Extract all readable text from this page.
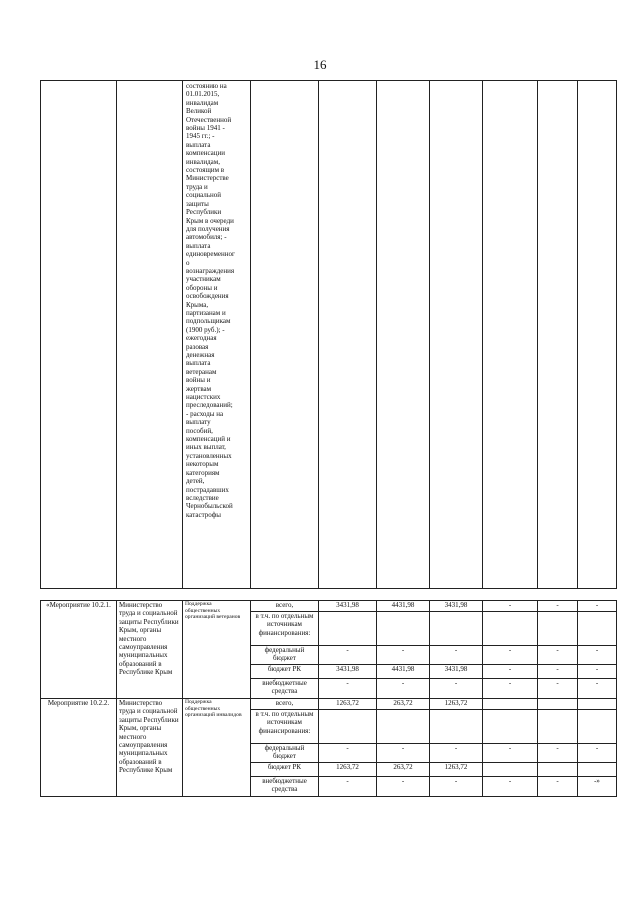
16

состоянию на
01.01.2015,
инвалидам
Великой
Отечественной
войны 1941 -
1945 гг.; -
выплата
компенсации
инвалидам,
состоящим в
Министерстве
труда и
социальной
защиты
Республики
Крым в очереди
для получения
автомобиля; -
выплата
единовременног
о
вознаграждения
участникам
обороны и
освобождения
Крыма,
партизанам и
подпольщикам
(1900 руб.); -
ежегодная
разовая
денежная
выплата
ветеранам
войны и
жертвам
нацистских
преследований;
- расходы на
выплату
пособий,
компенсаций и
иных выплат,
установленных
некоторым
категориям
детей,
пострадавших
вследствие
Чернобыльской
катастрофы

«Мероприятие 10.2.1.	Министерство труда и социальной защиты Республики Крым, органы местного самоуправления муниципальных образований в Республике Крым	Поддержка общественных организаций ветеранов	всего,	3431,98	4431,98	3431,98	-	-	-
			в т.ч. по отдельным источникам финансирования:						
			федеральный бюджет	-	-	-	-	-	-
			бюджет РК	3431,98	4431,98	3431,98	-	-	-
			внебюджетные средства	-	-	-	-	-	-
Мероприятие 10.2.2.	Министерство труда и социальной защиты Республики Крым, органы местного самоуправления муниципальных образований в Республике Крым	Поддержка общественных организаций инвалидов	всего,	1263,72	263,72	1263,72			
			в т.ч. по отдельным источникам финансирования:						
			федеральный бюджет	-	-	-	-	-	-
			бюджет РК	1263,72	263,72	1263,72			
			внебюджетные средства	-	-	-	-	-	-»
